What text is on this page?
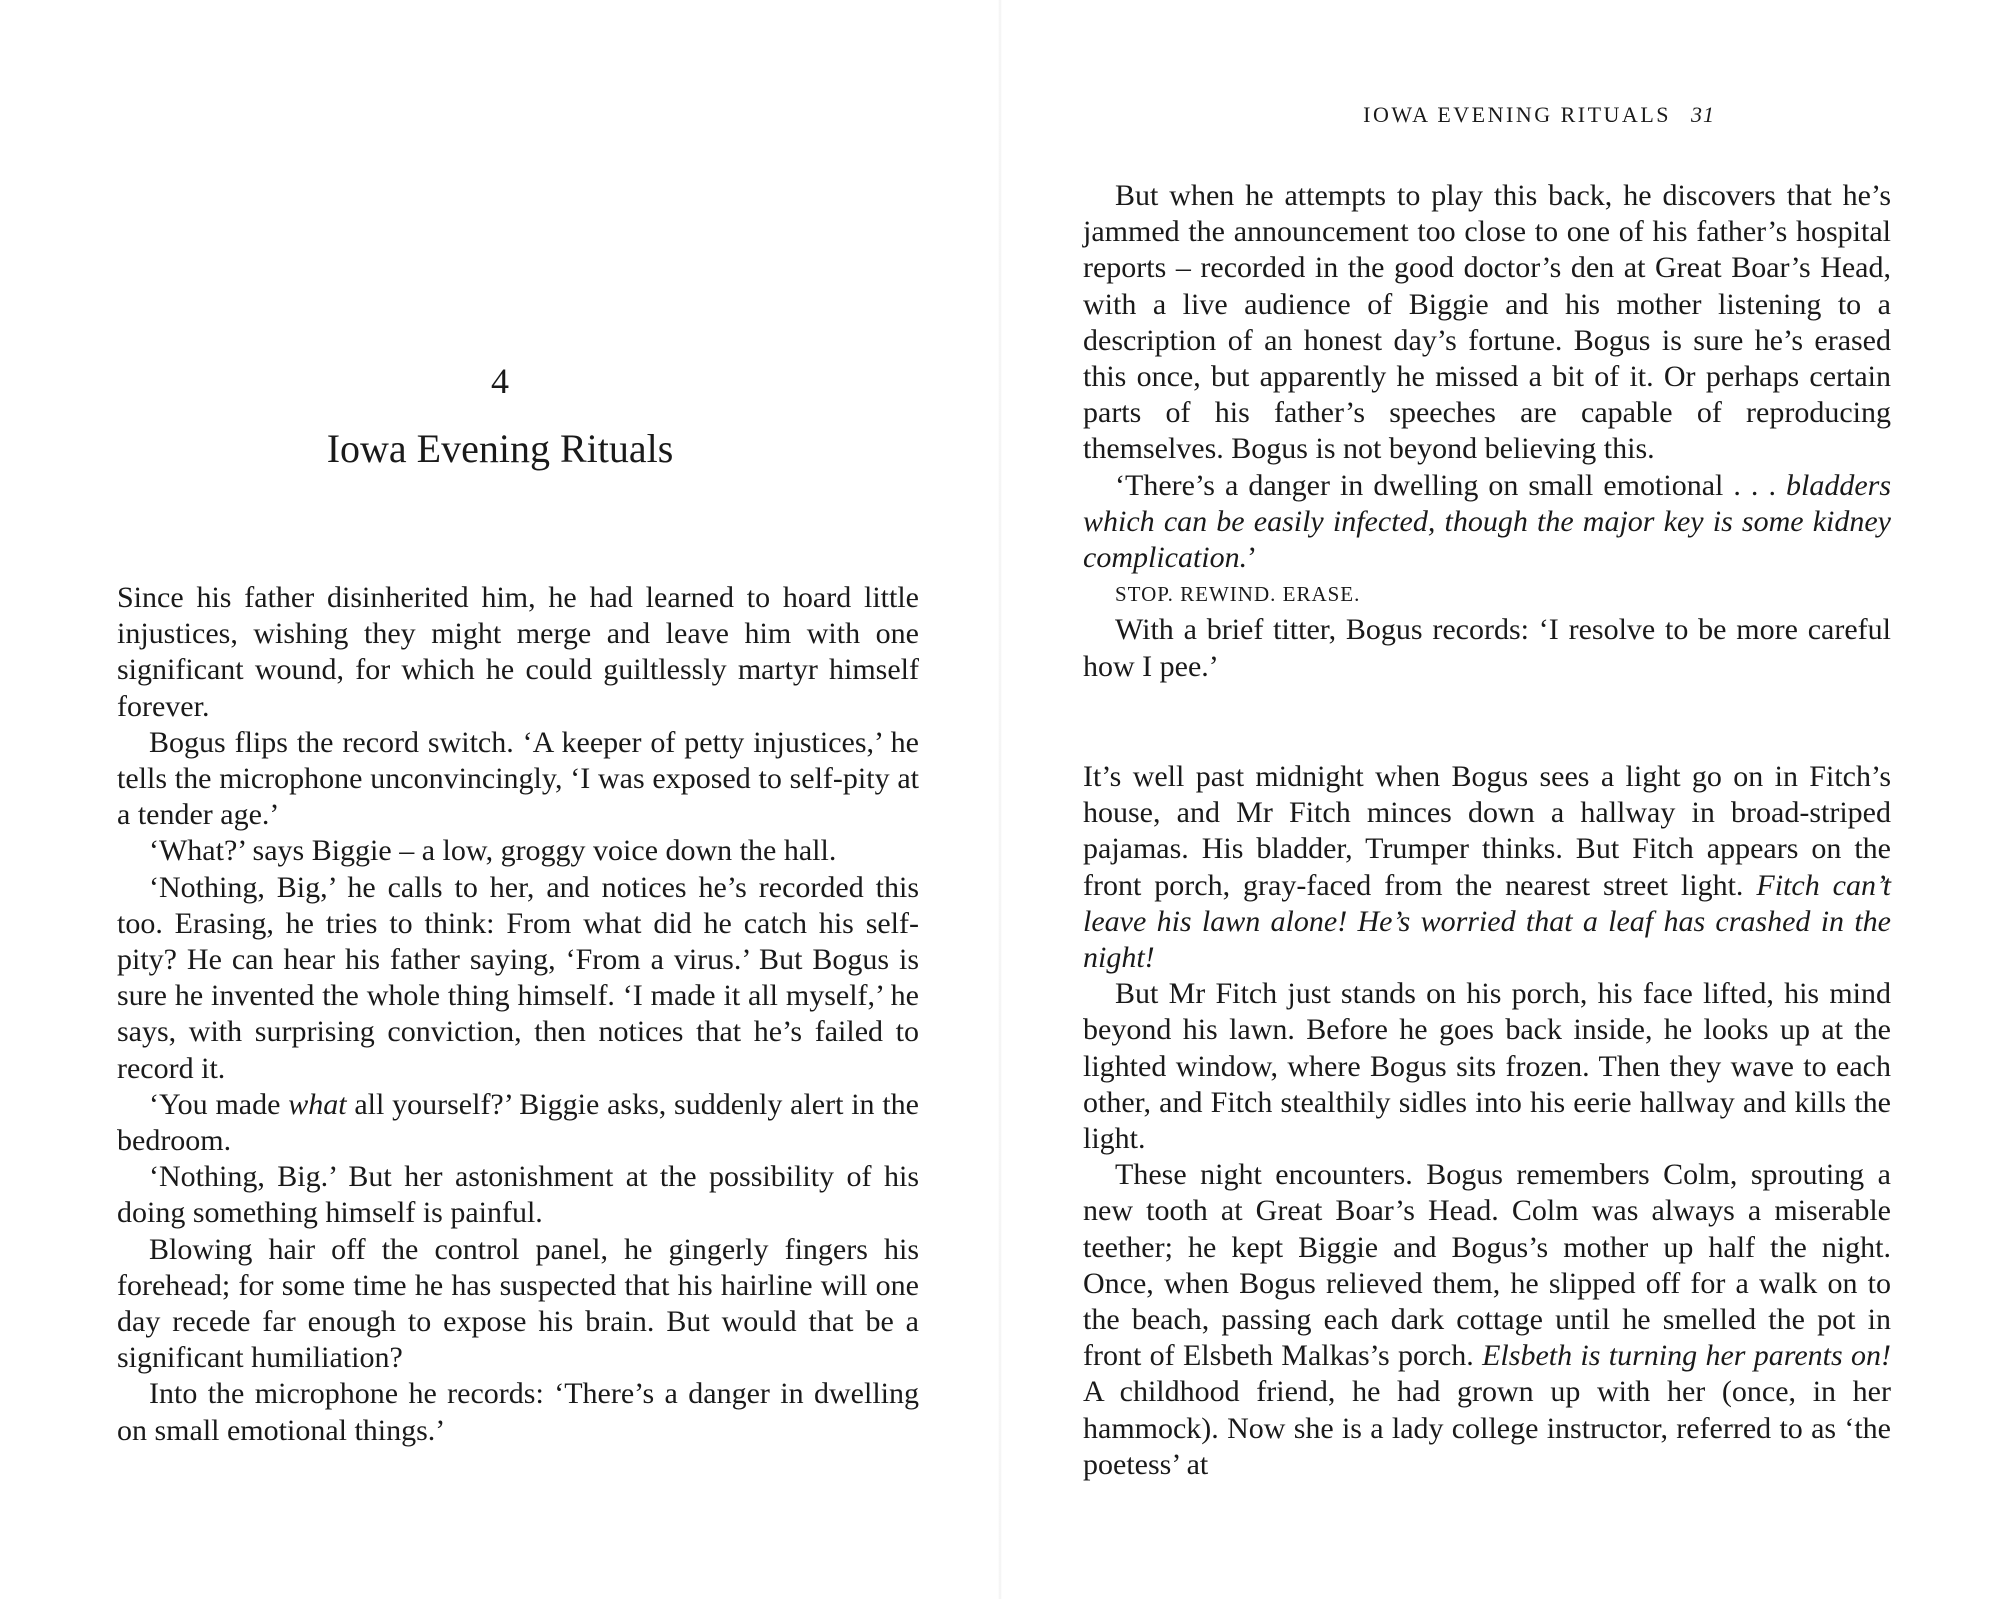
4
Iowa Evening Rituals

Since his father disinherited him, he had learned to hoard little injustices, wishing they might merge and leave him with one significant wound, for which he could guiltlessly martyr himself forever.

Bogus flips the record switch. ‘A keeper of petty injustices,’ he tells the microphone unconvincingly, ‘I was exposed to self-pity at a tender age.’

‘What?’ says Biggie – a low, groggy voice down the hall.

‘Nothing, Big,’ he calls to her, and notices he’s recorded this too. Erasing, he tries to think: From what did he catch his self-pity? He can hear his father saying, ‘From a virus.’ But Bogus is sure he invented the whole thing himself. ‘I made it all myself,’ he says, with surprising conviction, then notices that he’s failed to record it.

‘You made what all yourself?’ Biggie asks, suddenly alert in the bedroom.

‘Nothing, Big.’ But her astonishment at the possibility of his doing something himself is painful.

Blowing hair off the control panel, he gingerly fingers his forehead; for some time he has suspected that his hairline will one day recede far enough to expose his brain. But would that be a significant humiliation?

Into the microphone he records: ‘There’s a danger in dwelling on small emotional things.’

IOWA EVENING RITUALS 31

But when he attempts to play this back, he discovers that he’s jammed the announcement too close to one of his father’s hospital reports – recorded in the good doctor’s den at Great Boar’s Head, with a live audience of Biggie and his mother listening to a description of an honest day’s fortune. Bogus is sure he’s erased this once, but apparently he missed a bit of it. Or perhaps certain parts of his father’s speeches are capable of reproducing themselves. Bogus is not beyond believing this.

‘There’s a danger in dwelling on small emotional . . . bladders which can be easily infected, though the major key is some kidney complication.’

STOP. REWIND. ERASE.

With a brief titter, Bogus records: ‘I resolve to be more careful how I pee.’

It’s well past midnight when Bogus sees a light go on in Fitch’s house, and Mr Fitch minces down a hallway in broad-striped pajamas. His bladder, Trumper thinks. But Fitch appears on the front porch, gray-faced from the nearest street light. Fitch can’t leave his lawn alone! He’s worried that a leaf has crashed in the night!

But Mr Fitch just stands on his porch, his face lifted, his mind beyond his lawn. Before he goes back inside, he looks up at the lighted window, where Bogus sits frozen. Then they wave to each other, and Fitch stealthily sidles into his eerie hallway and kills the light.

These night encounters. Bogus remembers Colm, sprouting a new tooth at Great Boar’s Head. Colm was always a miserable teether; he kept Biggie and Bogus’s mother up half the night. Once, when Bogus relieved them, he slipped off for a walk on to the beach, passing each dark cottage until he smelled the pot in front of Elsbeth Malkas’s porch. Elsbeth is turning her parents on! A childhood friend, he had grown up with her (once, in her hammock). Now she is a lady college instructor, referred to as ‘the poetess’ at
